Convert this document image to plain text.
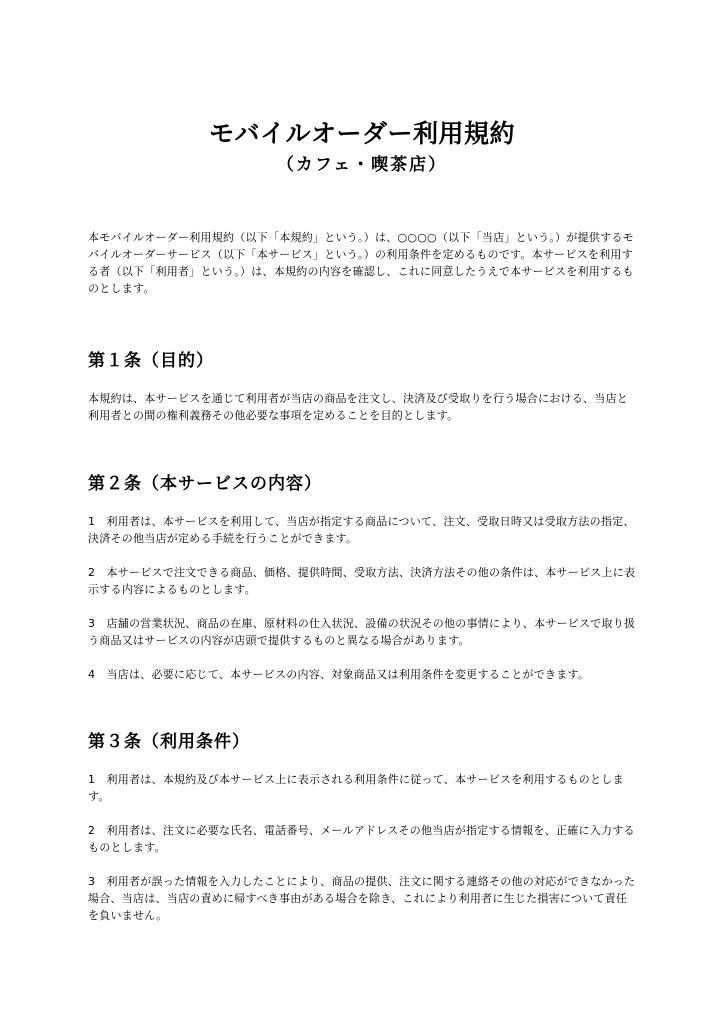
モバイルオーダー利用規約
（カフェ・喫茶店）

本モバイルオーダー利用規約（以下「本規約」という。）は、○○○○（以下「当店」という。）が提供するモバイルオーダーサービス（以下「本サービス」という。）の利用条件を定めるものです。本サービスを利用する者（以下「利用者」という。）は、本規約の内容を確認し、これに同意したうえで本サービスを利用するものとします。

第１条（目的）

本規約は、本サービスを通じて利用者が当店の商品を注文し、決済及び受取りを行う場合における、当店と利用者との間の権利義務その他必要な事項を定めることを目的とします。

第２条（本サービスの内容）

1　利用者は、本サービスを利用して、当店が指定する商品について、注文、受取日時又は受取方法の指定、決済その他当店が定める手続を行うことができます。

2　本サービスで注文できる商品、価格、提供時間、受取方法、決済方法その他の条件は、本サービス上に表示する内容によるものとします。

3　店舗の営業状況、商品の在庫、原材料の仕入状況、設備の状況その他の事情により、本サービスで取り扱う商品又はサービスの内容が店頭で提供するものと異なる場合があります。

4　当店は、必要に応じて、本サービスの内容、対象商品又は利用条件を変更することができます。

第３条（利用条件）

1　利用者は、本規約及び本サービス上に表示される利用条件に従って、本サービスを利用するものとします。

2　利用者は、注文に必要な氏名、電話番号、メールアドレスその他当店が指定する情報を、正確に入力するものとします。

3　利用者が誤った情報を入力したことにより、商品の提供、注文に関する連絡その他の対応ができなかった場合、当店は、当店の責めに帰すべき事由がある場合を除き、これにより利用者に生じた損害について責任を負いません。
